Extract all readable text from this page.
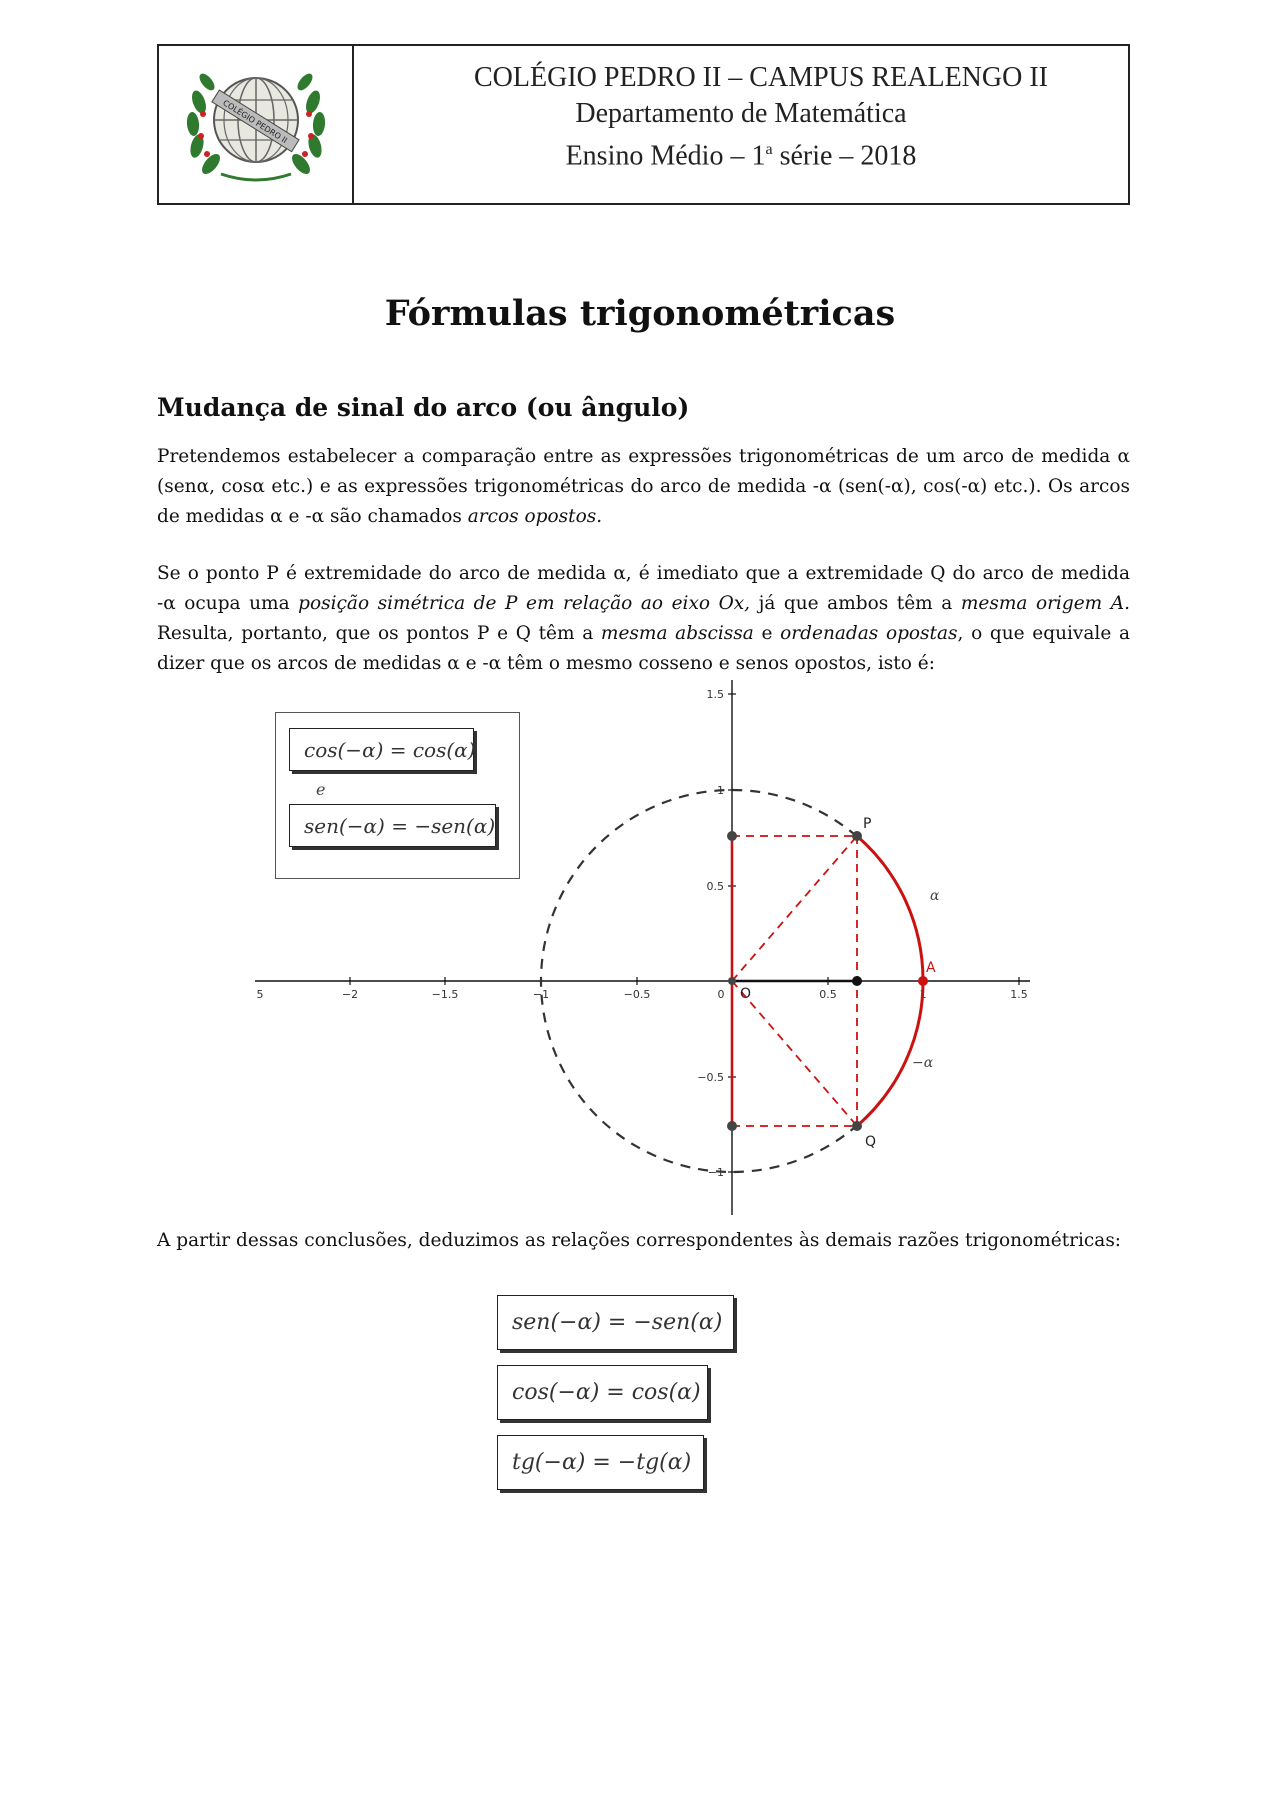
COLÉGIO PEDRO II
COLÉGIO PEDRO II – CAMPUS REALENGO II
Departamento de Matemática
Ensino Médio – 1$^a$ série – 2018
Fórmulas trigonométricas
Mudança de sinal do arco (ou ângulo)
Pretendemos estabelecer a comparação entre as expressões trigonométricas de um arco de medida α (senα, cosα etc.) e as expressões trigonométricas do arco de medida -α (sen(-α), cos(-α) etc.). Os arcos de medidas α e -α são chamados arcos opostos.
Se o ponto P é extremidade do arco de medida α, é imediato que a extremidade Q do arco de medida -α ocupa uma posição simétrica de P em relação ao eixo Ox, já que ambos têm a mesma origem A. Resulta, portanto, que os pontos P e Q têm a mesma abscissa e ordenadas opostas, o que equivale a dizer que os arcos de medidas α e -α têm o mesmo cosseno e senos opostos, isto é:
5	−2	−1.5	−1	−0.5	0	0.5	1	1.5
1.5
1
0.5
−0.5
−1
P
Q
A
O
α
−α
cos(−α) = cos(α)
e
sen(−α) = −sen(α)
A partir dessas conclusões, deduzimos as relações correspondentes às demais razões trigonométricas:
sen(−α) = −sen(α)
cos(−α) = cos(α)
tg(−α) = −tg(α)
